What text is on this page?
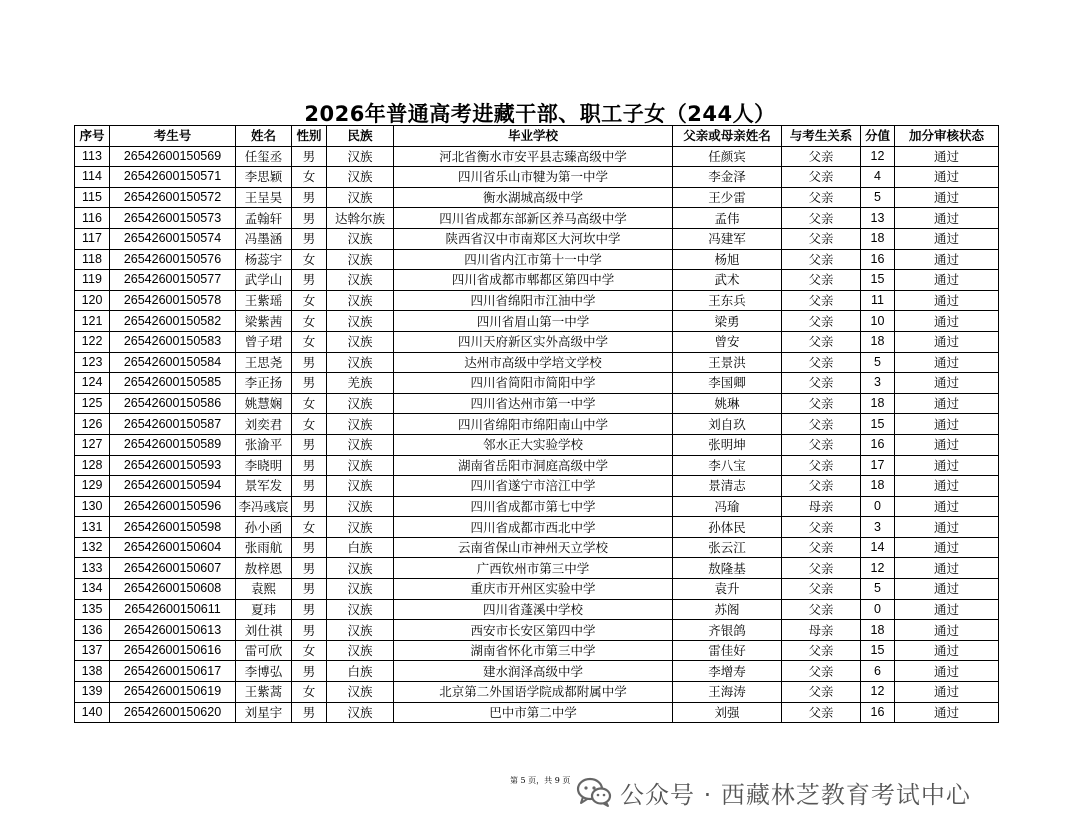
2026年普通高考进藏干部、职工子女（244人）
序号	考生号	姓名	性别	民族	毕业学校	父亲或母亲姓名	与考生关系	分值	加分审核状态
113	26542600150569	任玺丞	男	汉族	河北省衡水市安平县志臻高级中学	任颜宾	父亲	12	通过
114	26542600150571	李思颖	女	汉族	四川省乐山市犍为第一中学	李金泽	父亲	4	通过
115	26542600150572	王呈昊	男	汉族	衡水湖城高级中学	王少雷	父亲	5	通过
116	26542600150573	孟翰轩	男	达斡尔族	四川省成都东部新区养马高级中学	孟伟	父亲	13	通过
117	26542600150574	冯墨涵	男	汉族	陕西省汉中市南郑区大河坎中学	冯建军	父亲	18	通过
118	26542600150576	杨蕊宇	女	汉族	四川省内江市第十一中学	杨旭	父亲	16	通过
119	26542600150577	武学山	男	汉族	四川省成都市郫都区第四中学	武术	父亲	15	通过
120	26542600150578	王紫瑶	女	汉族	四川省绵阳市江油中学	王东兵	父亲	11	通过
121	26542600150582	梁紫茜	女	汉族	四川省眉山第一中学	梁勇	父亲	10	通过
122	26542600150583	曾子珺	女	汉族	四川天府新区实外高级中学	曾安	父亲	18	通过
123	26542600150584	王思尧	男	汉族	达州市高级中学培文学校	王景洪	父亲	5	通过
124	26542600150585	李正扬	男	羌族	四川省简阳市简阳中学	李国卿	父亲	3	通过
125	26542600150586	姚慧娴	女	汉族	四川省达州市第一中学	姚琳	父亲	18	通过
126	26542600150587	刘奕君	女	汉族	四川省绵阳市绵阳南山中学	刘自玖	父亲	15	通过
127	26542600150589	张渝平	男	汉族	邻水正大实验学校	张明坤	父亲	16	通过
128	26542600150593	李晓明	男	汉族	湖南省岳阳市洞庭高级中学	李八宝	父亲	17	通过
129	26542600150594	景军发	男	汉族	四川省遂宁市涪江中学	景清志	父亲	18	通过
130	26542600150596	李冯彧宸	男	汉族	四川省成都市第七中学	冯瑜	母亲	0	通过
131	26542600150598	孙小函	女	汉族	四川省成都市西北中学	孙体民	父亲	3	通过
132	26542600150604	张雨航	男	白族	云南省保山市神州天立学校	张云江	父亲	14	通过
133	26542600150607	敖梓恩	男	汉族	广西钦州市第三中学	敖隆基	父亲	12	通过
134	26542600150608	袁熙	男	汉族	重庆市开州区实验中学	袁升	父亲	5	通过
135	26542600150611	夏玮	男	汉族	四川省蓬溪中学校	苏阁	父亲	0	通过
136	26542600150613	刘仕祺	男	汉族	西安市长安区第四中学	齐银鸽	母亲	18	通过
137	26542600150616	雷可欣	女	汉族	湖南省怀化市第三中学	雷佳好	父亲	15	通过
138	26542600150617	李博弘	男	白族	建水润泽高级中学	李增寿	父亲	6	通过
139	26542600150619	王紫蒿	女	汉族	北京第二外国语学院成都附属中学	王海涛	父亲	12	通过
140	26542600150620	刘星宇	男	汉族	巴中市第二中学	刘强	父亲	16	通过
第 5 页，共 9 页 公众号 · 西藏林芝教育考试中心
